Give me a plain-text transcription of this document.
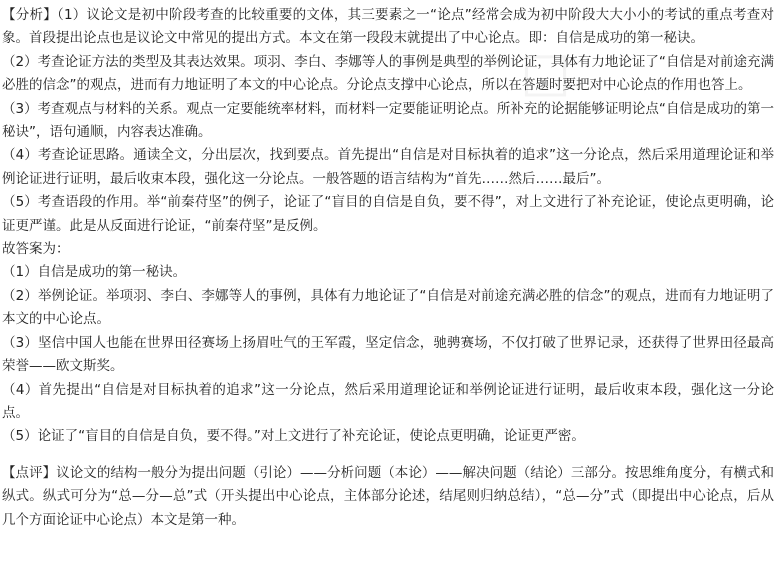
□

【分析】（1）议论文是初中阶段考查的比较重要的文体，其三要素之一“论点”经常会成为初中阶段大大小小的考试的重点考查对象。首段提出论点也是议论文中常见的提出方式。本文在第一段段末就提出了中心论点。即：自信是成功的第一秘诀。

（2）考查论证方法的类型及其表达效果。项羽、李白、李娜等人的事例是典型的举例论证，具体有力地论证了“自信是对前途充满必胜的信念”的观点，进而有力地证明了本文的中心论点。分论点支撑中心论点，所以在答题时要把对中心论点的作用也答上。

（3）考查观点与材料的关系。观点一定要能统率材料，而材料一定要能证明论点。所补充的论据能够证明论点“自信是成功的第一秘诀”，语句通顺，内容表达准确。

（4）考查论证思路。通读全文，分出层次，找到要点。首先提出“自信是对目标执着的追求”这一分论点，然后采用道理论证和举例论证进行证明，最后收束本段，强化这一分论点。一般答题的语言结构为“首先……然后……最后”。

（5）考查语段的作用。举“前秦苻坚”的例子，论证了“盲目的自信是自负，要不得”，对上文进行了补充论证，使论点更明确，论证更严谨。此是从反面进行论证，“前秦苻坚”是反例。

故答案为：

（1）自信是成功的第一秘诀。

（2）举例论证。举项羽、李白、李娜等人的事例，具体有力地论证了“自信是对前途充满必胜的信念”的观点，进而有力地证明了本文的中心论点。

（3）坚信中国人也能在世界田径赛场上扬眉吐气的王军霞，坚定信念，驰骋赛场，不仅打破了世界记录，还获得了世界田径最高荣誉——欧文斯奖。

（4）首先提出“自信是对目标执着的追求”这一分论点，然后采用道理论证和举例论证进行证明，最后收束本段，强化这一分论点。

（5）论证了“盲目的自信是自负，要不得。”对上文进行了补充论证，使论点更明确，论证更严密。

【点评】议论文的结构一般分为提出问题（引论）——分析问题（本论）——解决问题（结论）三部分。按思维角度分，有横式和纵式。纵式可分为“总—分—总”式（开头提出中心论点，主体部分论述，结尾则归纳总结），“总—分”式（即提出中心论点，后从几个方面论证中心论点）本文是第一种。
